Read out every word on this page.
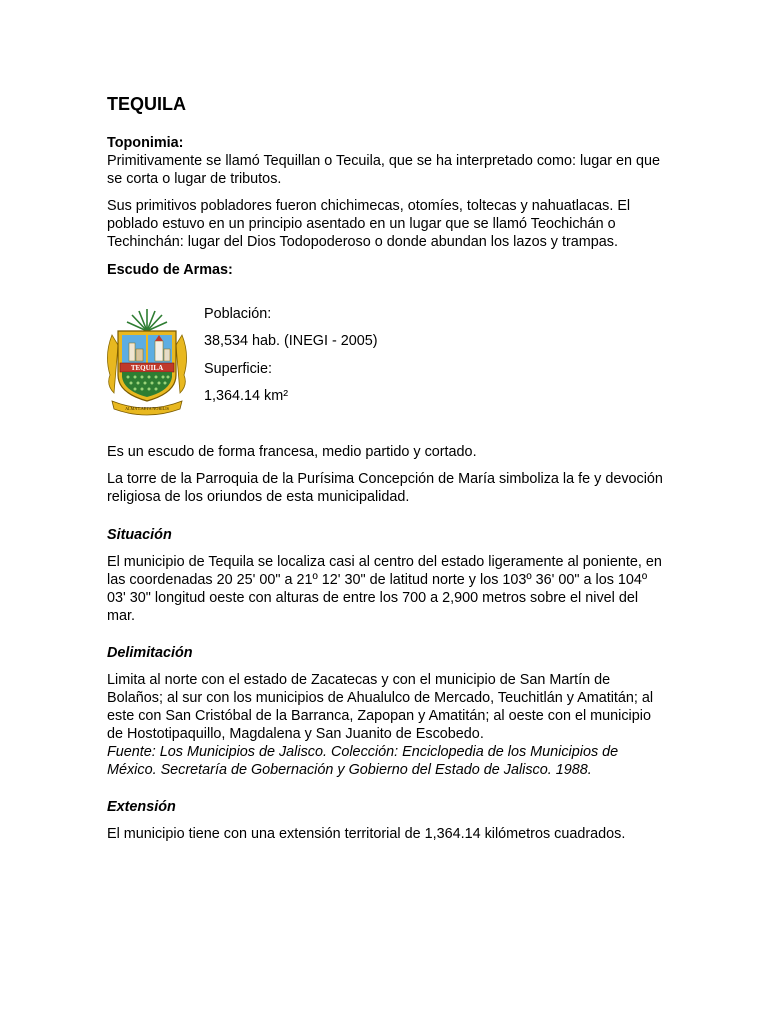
TEQUILA

Toponimia:

Primitivamente se llamó Tequillan o Tecuila, que se ha interpretado como: lugar en que se corta o lugar de tributos.

Sus primitivos pobladores fueron chichimecas, otomíes, toltecas y nahuatlacas. El poblado estuvo en un principio asentado en un lugar que se llamó Teochichán o Techinchán: lugar del Dios Todopoderoso o donde abundan los lazos y trampas.

Escudo de Armas:

TEQUILA
ALMA LAETA NOBILIS
Población:
38,534 hab. (INEGI - 2005)
Superficie:
1,364.14 km²

Es un escudo de forma francesa, medio partido y cortado.

La torre de la Parroquia de la Purísima Concepción de María simboliza la fe y devoción religiosa de los oriundos de esta municipalidad.

Situación

El municipio de Tequila se localiza casi al centro del estado ligeramente al poniente, en las coordenadas 20 25' 00" a 21º 12' 30" de latitud norte y los 103º 36' 00" a los 104º 03' 30" longitud oeste con alturas de entre los 700 a 2,900 metros sobre el nivel del mar.

Delimitación

Limita al norte con el estado de Zacatecas y con el municipio de San Martín de Bolaños; al sur con los municipios de Ahualulco de Mercado, Teuchitlán y Amatitán; al este con San Cristóbal de la Barranca, Zapopan y Amatitán; al oeste con el municipio de Hostotipaquillo, Magdalena y San Juanito de Escobedo.

Fuente: Los Municipios de Jalisco. Colección: Enciclopedia de los Municipios de México. Secretaría de Gobernación y Gobierno del Estado de Jalisco. 1988.

Extensión

El municipio tiene con una extensión territorial de 1,364.14 kilómetros cuadrados.
